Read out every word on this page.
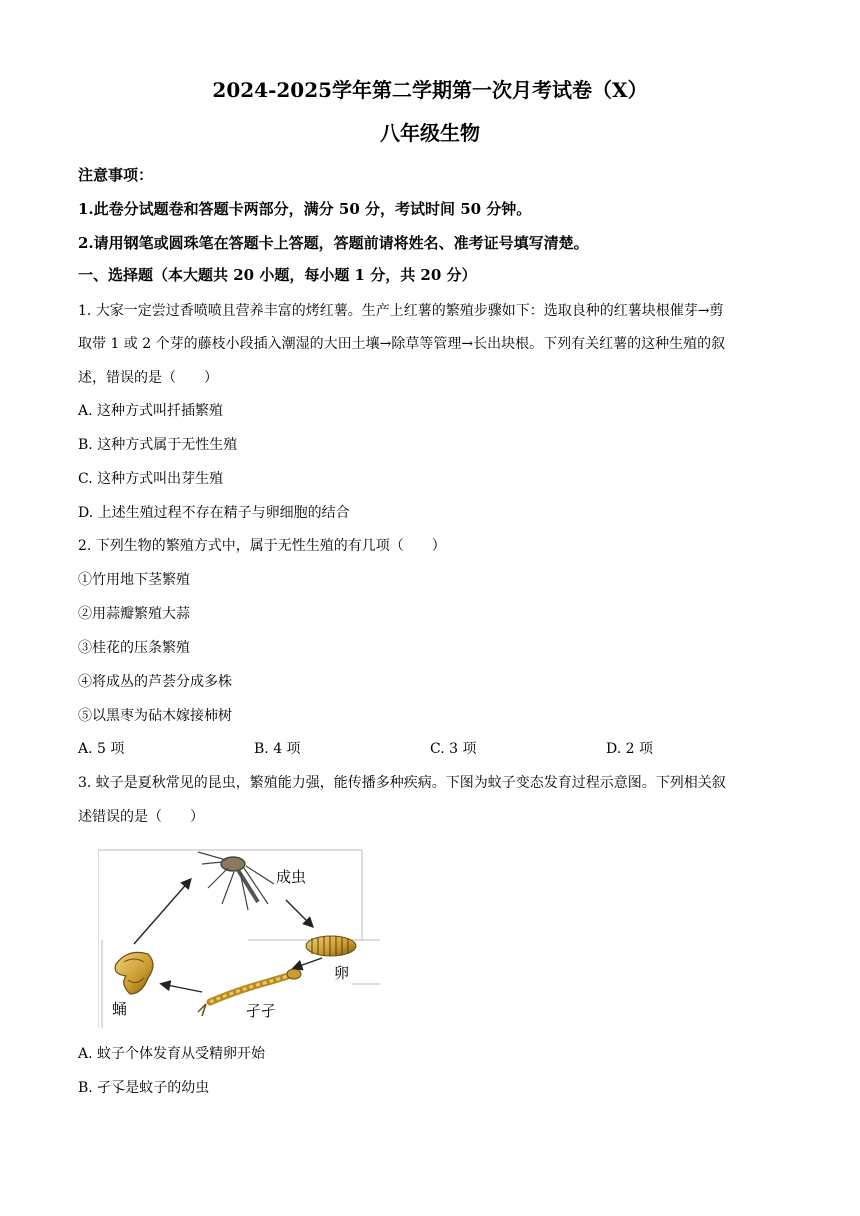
2024-2025学年第二学期第一次月考试卷（X）
八年级生物
注意事项：
1.此卷分试题卷和答题卡两部分，满分 50 分，考试时间 50 分钟。
2.请用钢笔或圆珠笔在答题卡上答题，答题前请将姓名、准考证号填写清楚。
一、选择题（本大题共 20 小题，每小题 1 分，共 20 分）
1. 大家一定尝过香喷喷且营养丰富的烤红薯。生产上红薯的繁殖步骤如下：选取良种的红薯块根催芽→剪
取带 1 或 2 个芽的藤枝小段插入潮湿的大田土壤→除草等管理→长出块根。下列有关红薯的这种生殖的叙
述，错误的是（　　）
A. 这种方式叫扦插繁殖
B. 这种方式属于无性生殖
C. 这种方式叫出芽生殖
D. 上述生殖过程不存在精子与卵细胞的结合
2. 下列生物的繁殖方式中，属于无性生殖的有几项（　　）
①竹用地下茎繁殖
②用蒜瓣繁殖大蒜
③桂花的压条繁殖
④将成丛的芦荟分成多株
⑤以黑枣为砧木嫁接柿树
A. 5 项	B. 4 项	C. 3 项	D. 2 项
3. 蚊子是夏秋常见的昆虫，繁殖能力强，能传播多种疾病。下图为蚊子变态发育过程示意图。下列相关叙
述错误的是（　　）
成虫
卵
孑孑
蛹
A. 蚊子个体发育从受精卵开始
B. 孑孓是蚊子的幼虫
